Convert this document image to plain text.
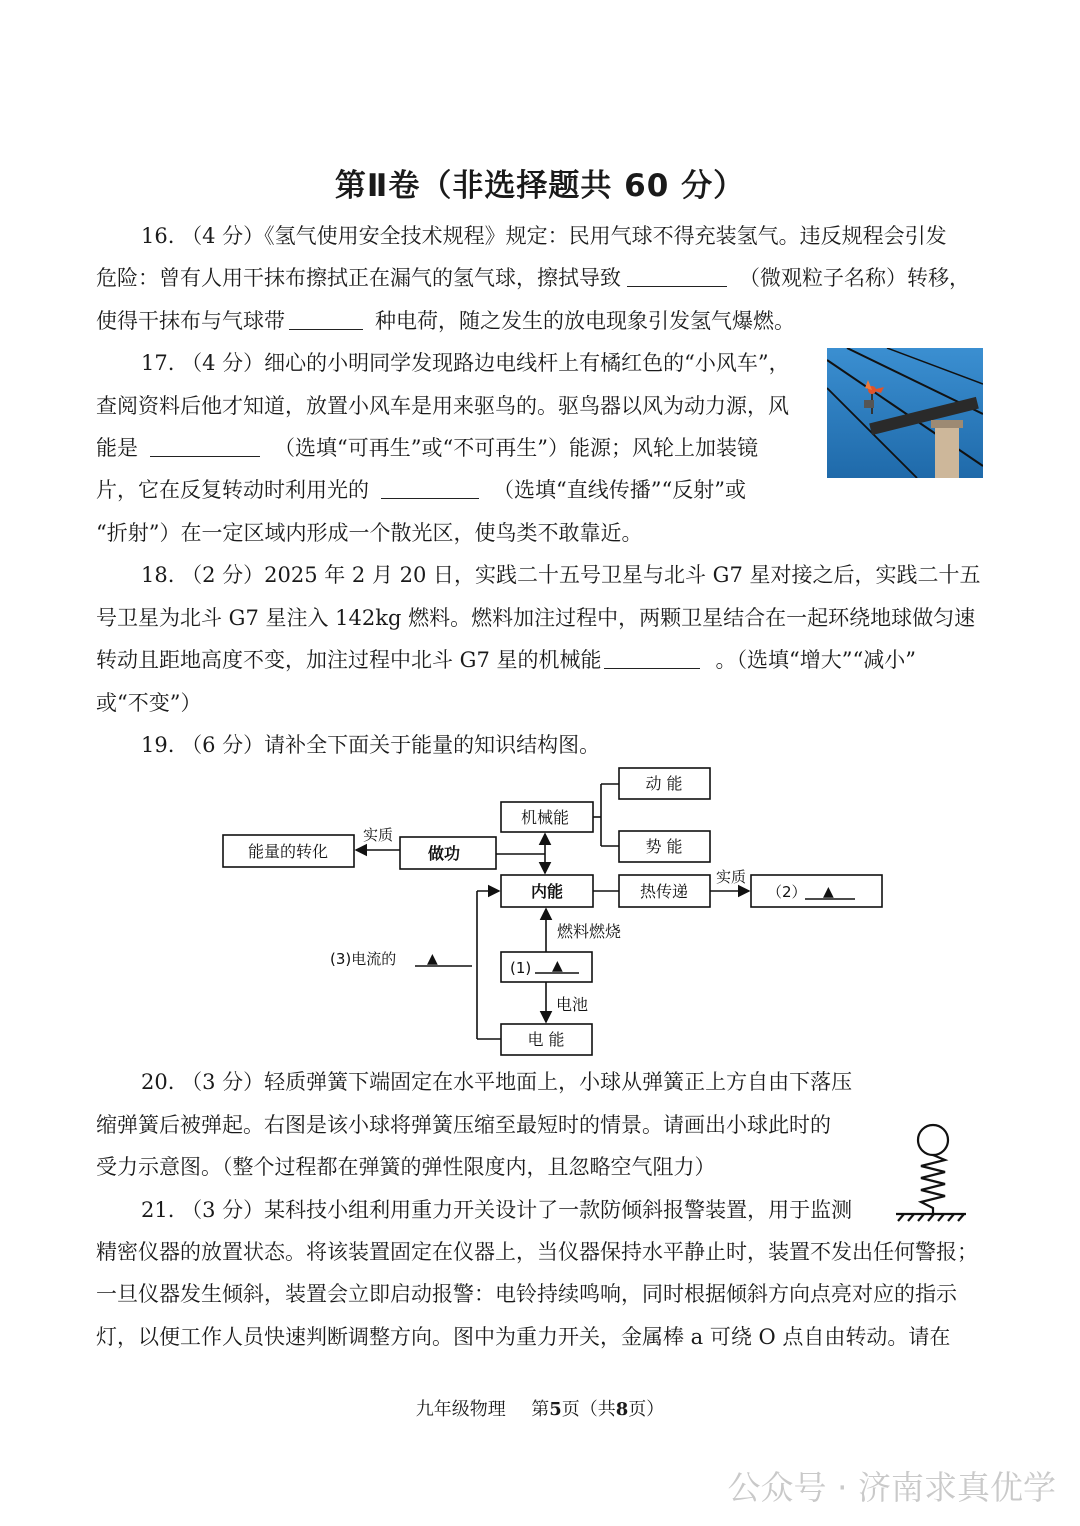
第Ⅱ卷（非选择题共 60 分）
16. （4 分）《氢气使用安全技术规程》规定：民用气球不得充装氢气。违反规程会引发
危险：曾有人用干抹布擦拭正在漏气的氢气球，擦拭导致	（微观粒子名称）转移，
使得干抹布与气球带	种电荷，随之发生的放电现象引发氢气爆燃。
17. （4 分）细心的小明同学发现路边电线杆上有橘红色的“小风车”，
查阅资料后他才知道，放置小风车是用来驱鸟的。驱鸟器以风为动力源，风
能是	（选填“可再生”或“不可再生”）能源；风轮上加装镜
片，它在反复转动时利用光的	（选填“直线传播”“反射”或
“折射”）在一定区域内形成一个散光区，使鸟类不敢靠近。
18. （2 分）2025 年 2 月 20 日，实践二十五号卫星与北斗 G7 星对接之后，实践二十五
号卫星为北斗 G7 星注入 142kg 燃料。燃料加注过程中，两颗卫星结合在一起环绕地球做匀速
转动且距地高度不变，加注过程中北斗 G7 星的机械能	。（选填“增大”“减小”
或“不变”）
19. （6 分）请补全下面关于能量的知识结构图。
能量的转化
实质
做功
机械能
动 能
势 能
内能	热传递
实质
（2） ▲
燃料燃烧
(1) ▲
(3)电流的 ▲
电池
电 能
20. （3 分）轻质弹簧下端固定在水平地面上，小球从弹簧正上方自由下落压
缩弹簧后被弹起。右图是该小球将弹簧压缩至最短时的情景。请画出小球此时的
受力示意图。（整个过程都在弹簧的弹性限度内，且忽略空气阻力）
21. （3 分）某科技小组利用重力开关设计了一款防倾斜报警装置，用于监测
精密仪器的放置状态。将该装置固定在仪器上，当仪器保持水平静止时，装置不发出任何警报；
一旦仪器发生倾斜，装置会立即启动报警：电铃持续鸣响，同时根据倾斜方向点亮对应的指示
灯，以便工作人员快速判断调整方向。图中为重力开关，金属棒 a 可绕 O 点自由转动。请在
九年级物理 第5页（共8页）
公众号 · 济南求真优学
